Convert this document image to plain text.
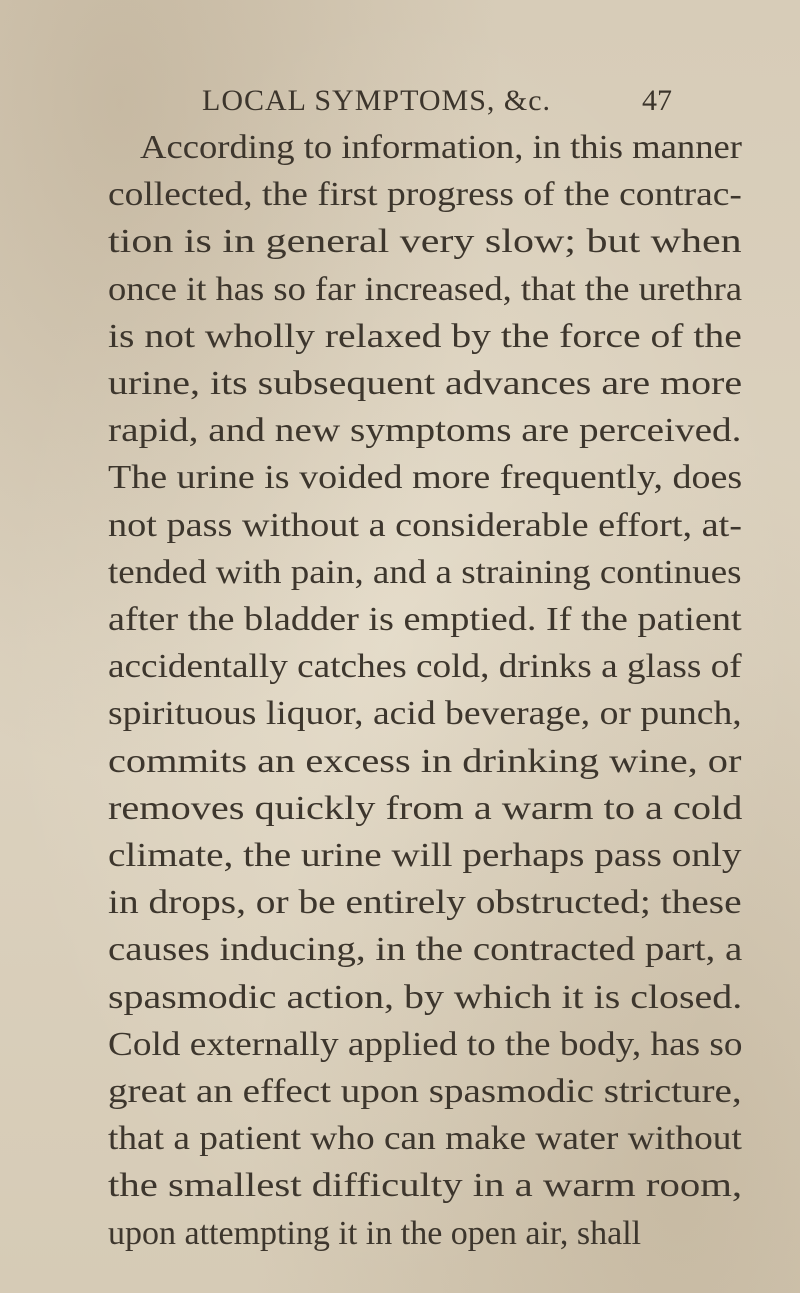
LOCAL SYMPTOMS, &c.	47
According to information, in this manner
collected, the first progress of the contrac-
tion is in general very slow; but when
once it has so far increased, that the urethra
is not wholly relaxed by the force of the
urine, its subsequent advances are more
rapid, and new symptoms are perceived.
The urine is voided more frequently, does
not pass without a considerable effort, at-
tended with pain, and a straining continues
after the bladder is emptied. If the patient
accidentally catches cold, drinks a glass of
spirituous liquor, acid beverage, or punch,
commits an excess in drinking wine, or
removes quickly from a warm to a cold
climate, the urine will perhaps pass only
in drops, or be entirely obstructed; these
causes inducing, in the contracted part, a
spasmodic action, by which it is closed.
Cold externally applied to the body, has so
great an effect upon spasmodic stricture,
that a patient who can make water without
the smallest difficulty in a warm room,
upon attempting it in the open air, shall
